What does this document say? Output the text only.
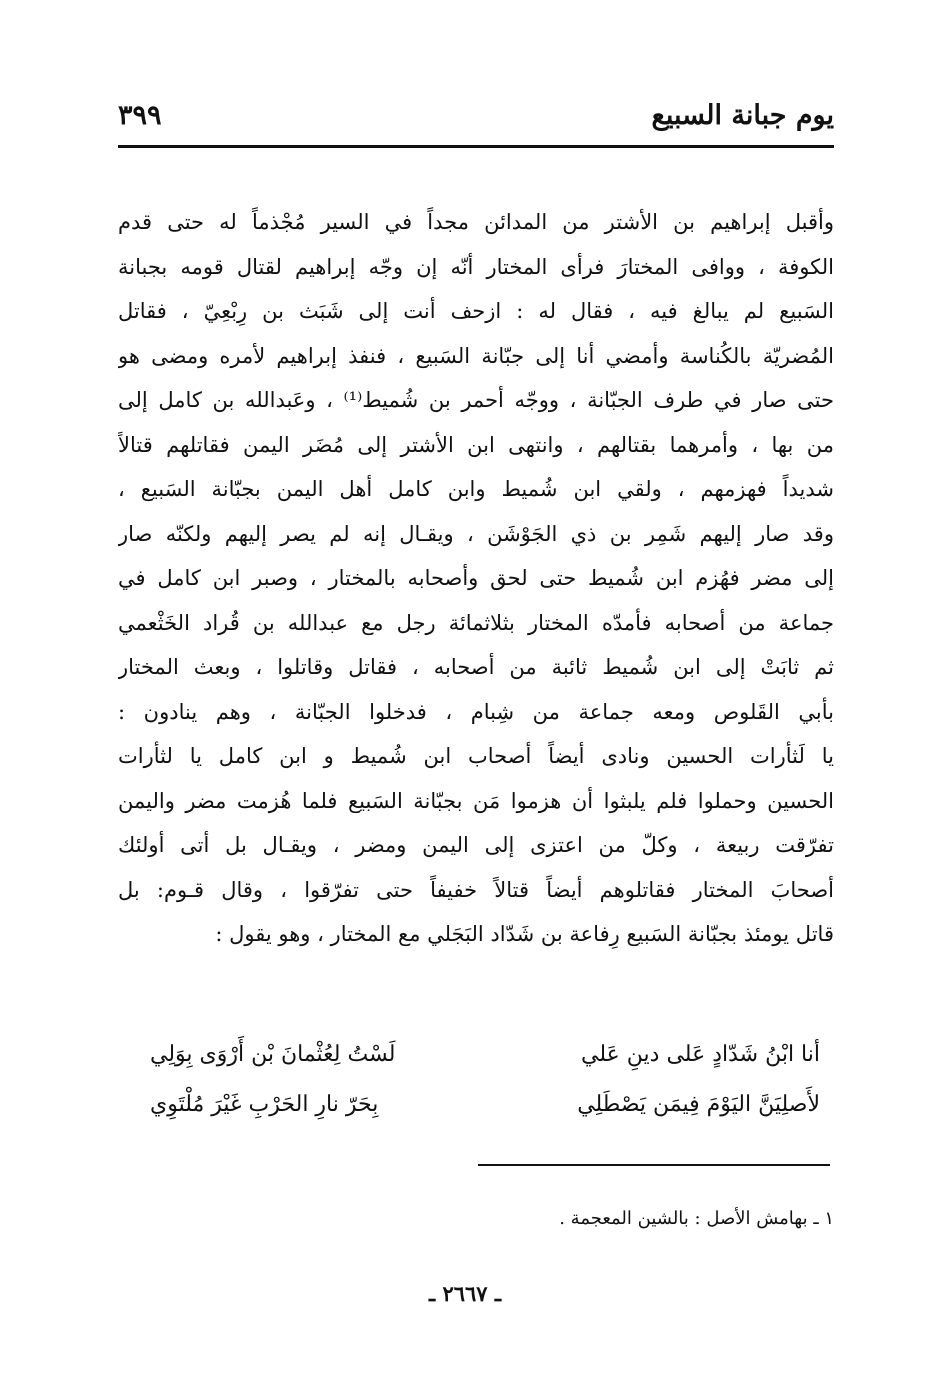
يوم جبانة السبيع
٣٩٩
وأقبل إبراهيم بن الأشتر من المدائن مجداً في السير مُجْذماً له حتى قدم
الكوفة ، ووافى المختارَ فرأى المختار أنّه إن وجّه إبراهيم لقتال قومه بجبانة
السَبيع لم يبالغ فيه ، فقال له : ازحف أنت إلى شَبَث بن رِبْعِيّ ، فقاتل
المُضريّة بالكُناسة وأمضي أنا إلى جبّانة السَبيع ، فنفذ إبراهيم لأمره ومضى هو
حتى صار في طرف الجبّانة ، ووجّه أحمر بن شُميط⁽¹⁾ ، وعَبدالله بن كامل إلى
من بها ، وأمرهما بقتالهم ، وانتهى ابن الأشتر إلى مُضَر اليمن فقاتلهم قتالاً
شديداً فهزمهم ، ولقي ابن شُميط وابن كامل أهل اليمن بجبّانة السَبيع ،
وقد صار إليهم شَمِر بن ذي الجَوْشَن ، ويقـال إنه لم يصر إليهم ولكنّه صار
إلى مضر فهُزم ابن شُميط حتى لحق وأصحابه بالمختار ، وصبر ابن كامل في
جماعة من أصحابه فأمدّه المختار بثلاثمائة رجل مع عبدالله بن قُراد الخَثْعمي
ثم ثابَتْ إلى ابن شُميط ثائبة من أصحابه ، فقاتل وقاتلوا ، وبعث المختار
بأبي القَلوص ومعه جماعة من شِبام ، فدخلوا الجبّانة ، وهم ينادون :
يا لَثأرات الحسين ونادى أيضاً أصحاب ابن شُميط و ابن كامل يا لثأرات
الحسين وحملوا فلم يلبثوا أن هزموا مَن بجبّانة السَبيع فلما هُزمت مضر واليمن
تفرّقت ربيعة ، وكلّ من اعتزى إلى اليمن ومضر ، ويقـال بل أتى أولئك
أصحابَ المختار فقاتلوهم أيضاً قتالاً خفيفاً حتى تفرّقوا ، وقال قـوم: بل
قاتل يومئذ بجبّانة السَبيع رِفاعة بن شَدّاد البَجَلي مع المختار ، وهو يقول :
أنا ابْنُ شَدّادٍ عَلى دينِ عَلي
لَسْتُ لِعُثْمانَ بْن أَرْوَى بِوَلِي
لأَصلِيَنَّ اليَوْمَ فِيمَن يَصْطَلِي
بِحَرّ نارِ الحَرْبِ غَيْرَ مُلْتَوِي
١ ـ بهامش الأصل : بالشين المعجمة .
ـ ٢٦٦٧ ـ
